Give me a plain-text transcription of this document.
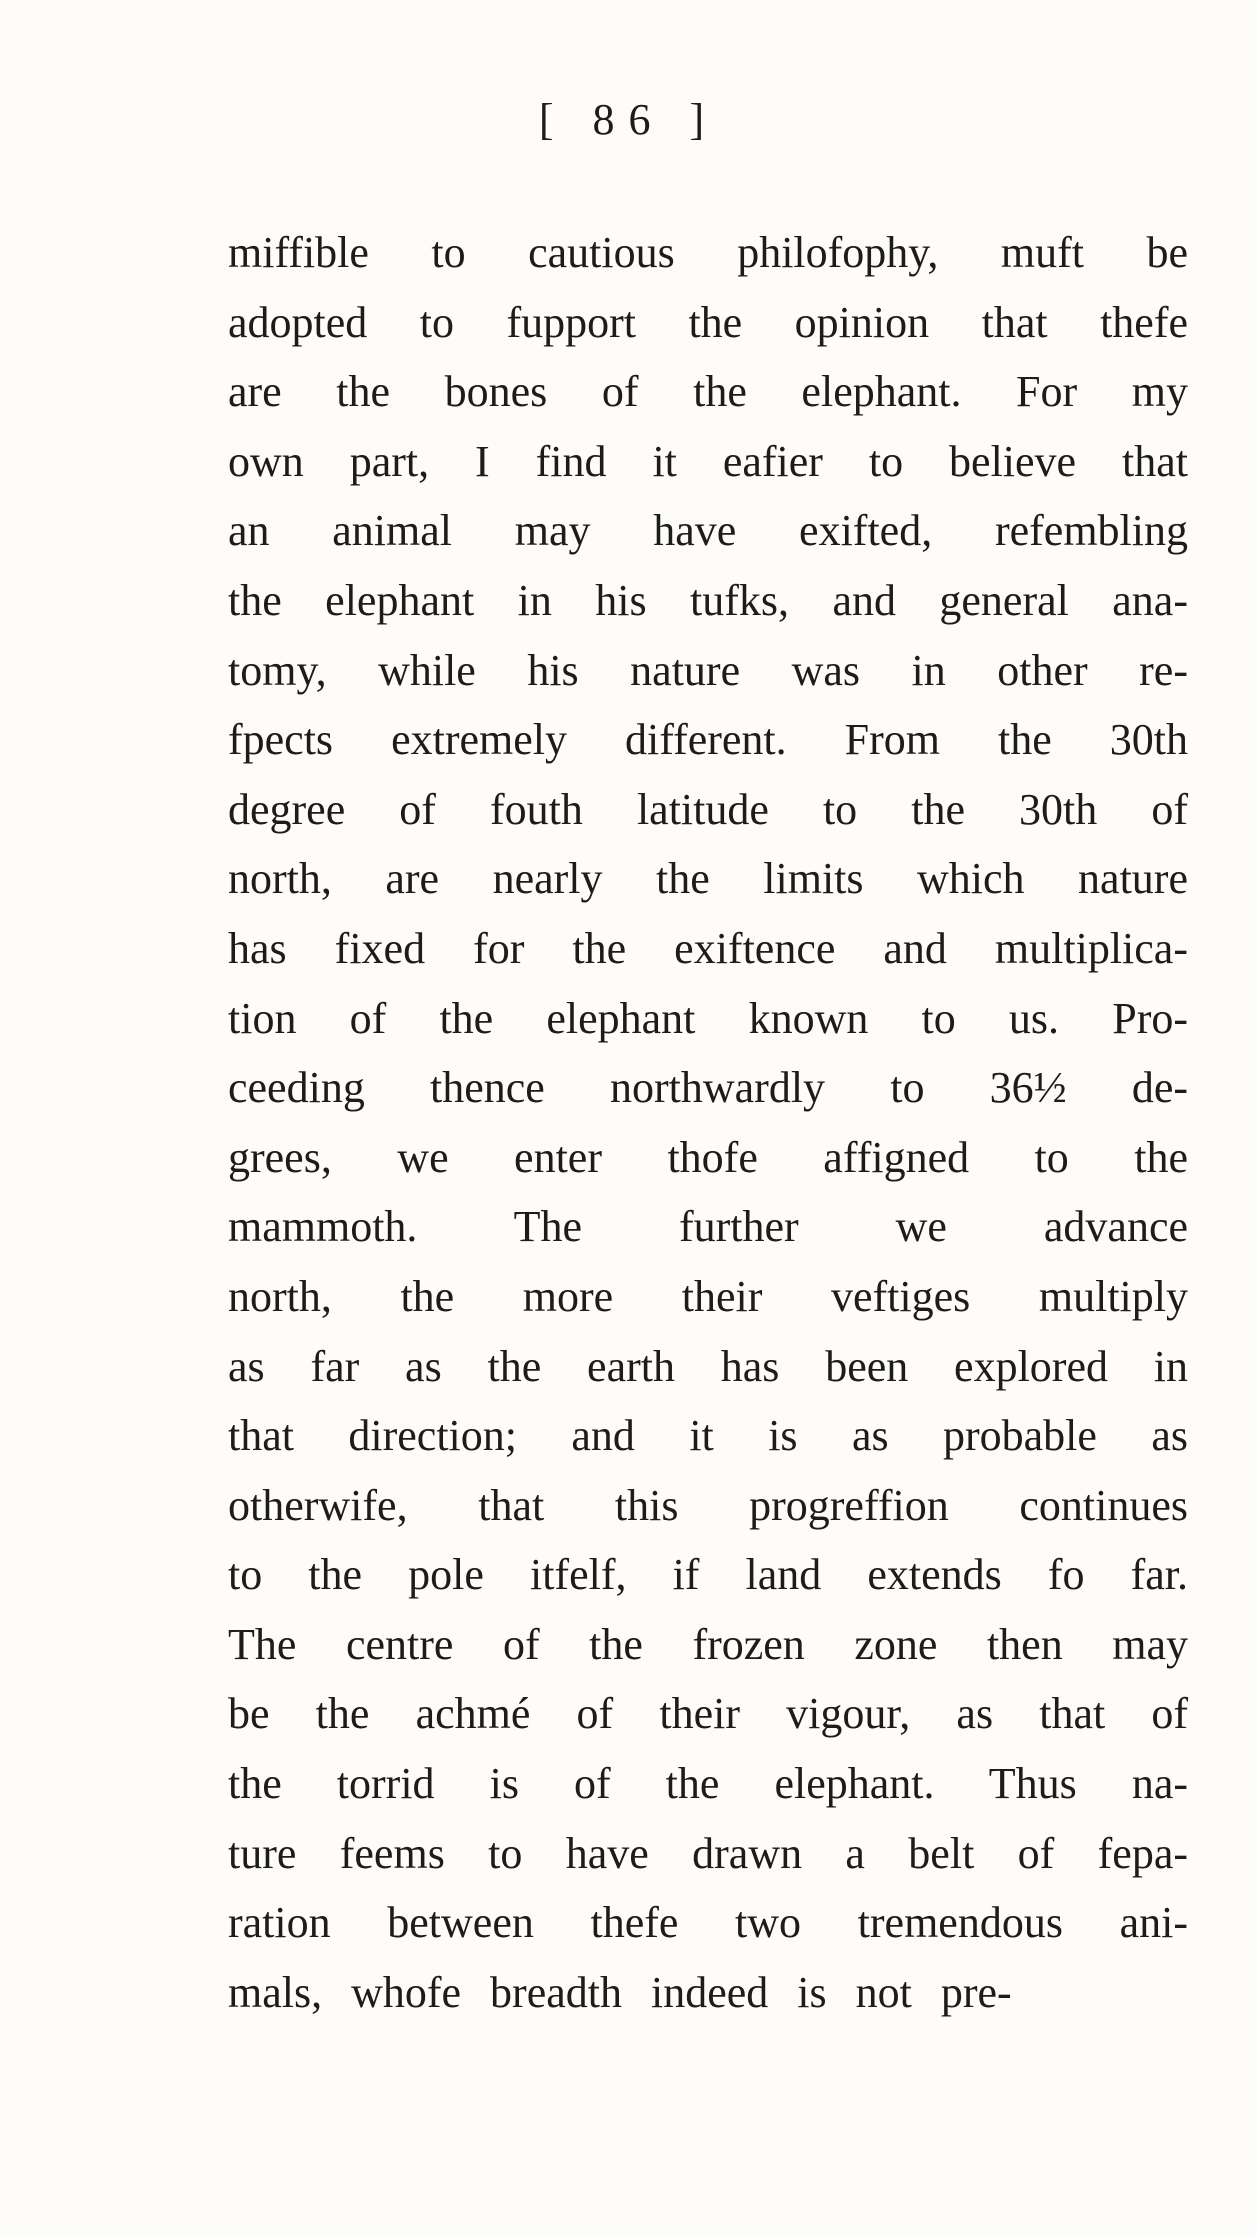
[ 86 ]
miffible to cautious philofophy, muft be
adopted to fupport the opinion that thefe
are the bones of the elephant. For my
own part, I find it eafier to believe that
an animal may have exifted, refembling
the elephant in his tufks, and general ana-
tomy, while his nature was in other re-
fpects extremely different. From the 30th
degree of fouth latitude to the 30th of
north, are nearly the limits which nature
has fixed for the exiftence and multiplica-
tion of the elephant known to us. Pro-
ceeding thence northwardly to 36½ de-
grees, we enter thofe affigned to the
mammoth. The further we advance
north, the more their veftiges multiply
as far as the earth has been explored in
that direction; and it is as probable as
otherwife, that this progreffion continues
to the pole itfelf, if land extends fo far.
The centre of the frozen zone then may
be the achmé of their vigour, as that of
the torrid is of the elephant. Thus na-
ture feems to have drawn a belt of fepa-
ration between thefe two tremendous ani-
mals, whofe breadth indeed is not pre-
